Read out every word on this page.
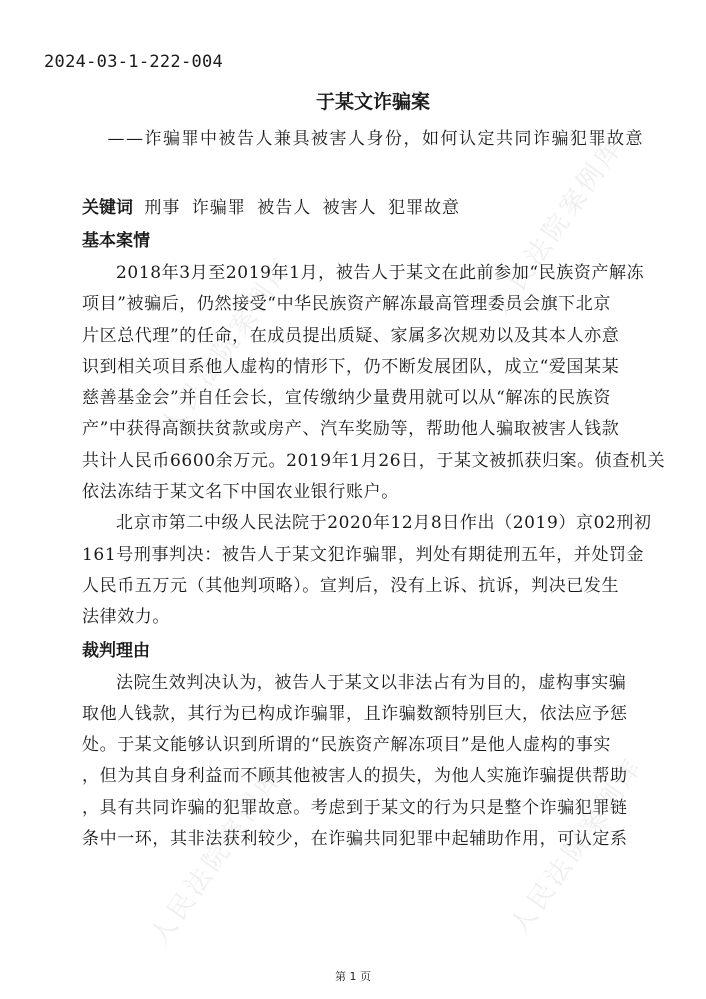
人民法院案例库
人民法院案例库
人民法院案例库	人民法院案例库
2024-03-1-222-004
于某文诈骗案
——诈骗罪中被告人兼具被害人身份，如何认定共同诈骗犯罪故意
关键词 刑事 诈骗罪 被告人 被害人 犯罪故意
基本案情

2018年3月至2019年1月，被告人于某文在此前参加“民族资产解冻
项目”被骗后，仍然接受“中华民族资产解冻最高管理委员会旗下北京
片区总代理”的任命，在成员提出质疑、家属多次规劝以及其本人亦意
识到相关项目系他人虚构的情形下，仍不断发展团队，成立“爱国某某
慈善基金会”并自任会长，宣传缴纳少量费用就可以从“解冻的民族资
产”中获得高额扶贫款或房产、汽车奖励等，帮助他人骗取被害人钱款
共计人民币6600余万元。2019年1月26日，于某文被抓获归案。侦查机关
依法冻结于某文名下中国农业银行账户。

北京市第二中级人民法院于2020年12月8日作出（2019）京02刑初
161号刑事判决：被告人于某文犯诈骗罪，判处有期徒刑五年，并处罚金
人民币五万元（其他判项略）。宣判后，没有上诉、抗诉，判决已发生
法律效力。

裁判理由

法院生效判决认为，被告人于某文以非法占有为目的，虚构事实骗
取他人钱款，其行为已构成诈骗罪，且诈骗数额特别巨大，依法应予惩
处。于某文能够认识到所谓的“民族资产解冻项目”是他人虚构的事实
，但为其自身利益而不顾其他被害人的损失，为他人实施诈骗提供帮助
，具有共同诈骗的犯罪故意。考虑到于某文的行为只是整个诈骗犯罪链
条中一环，其非法获利较少，在诈骗共同犯罪中起辅助作用，可认定系

第 1 页
